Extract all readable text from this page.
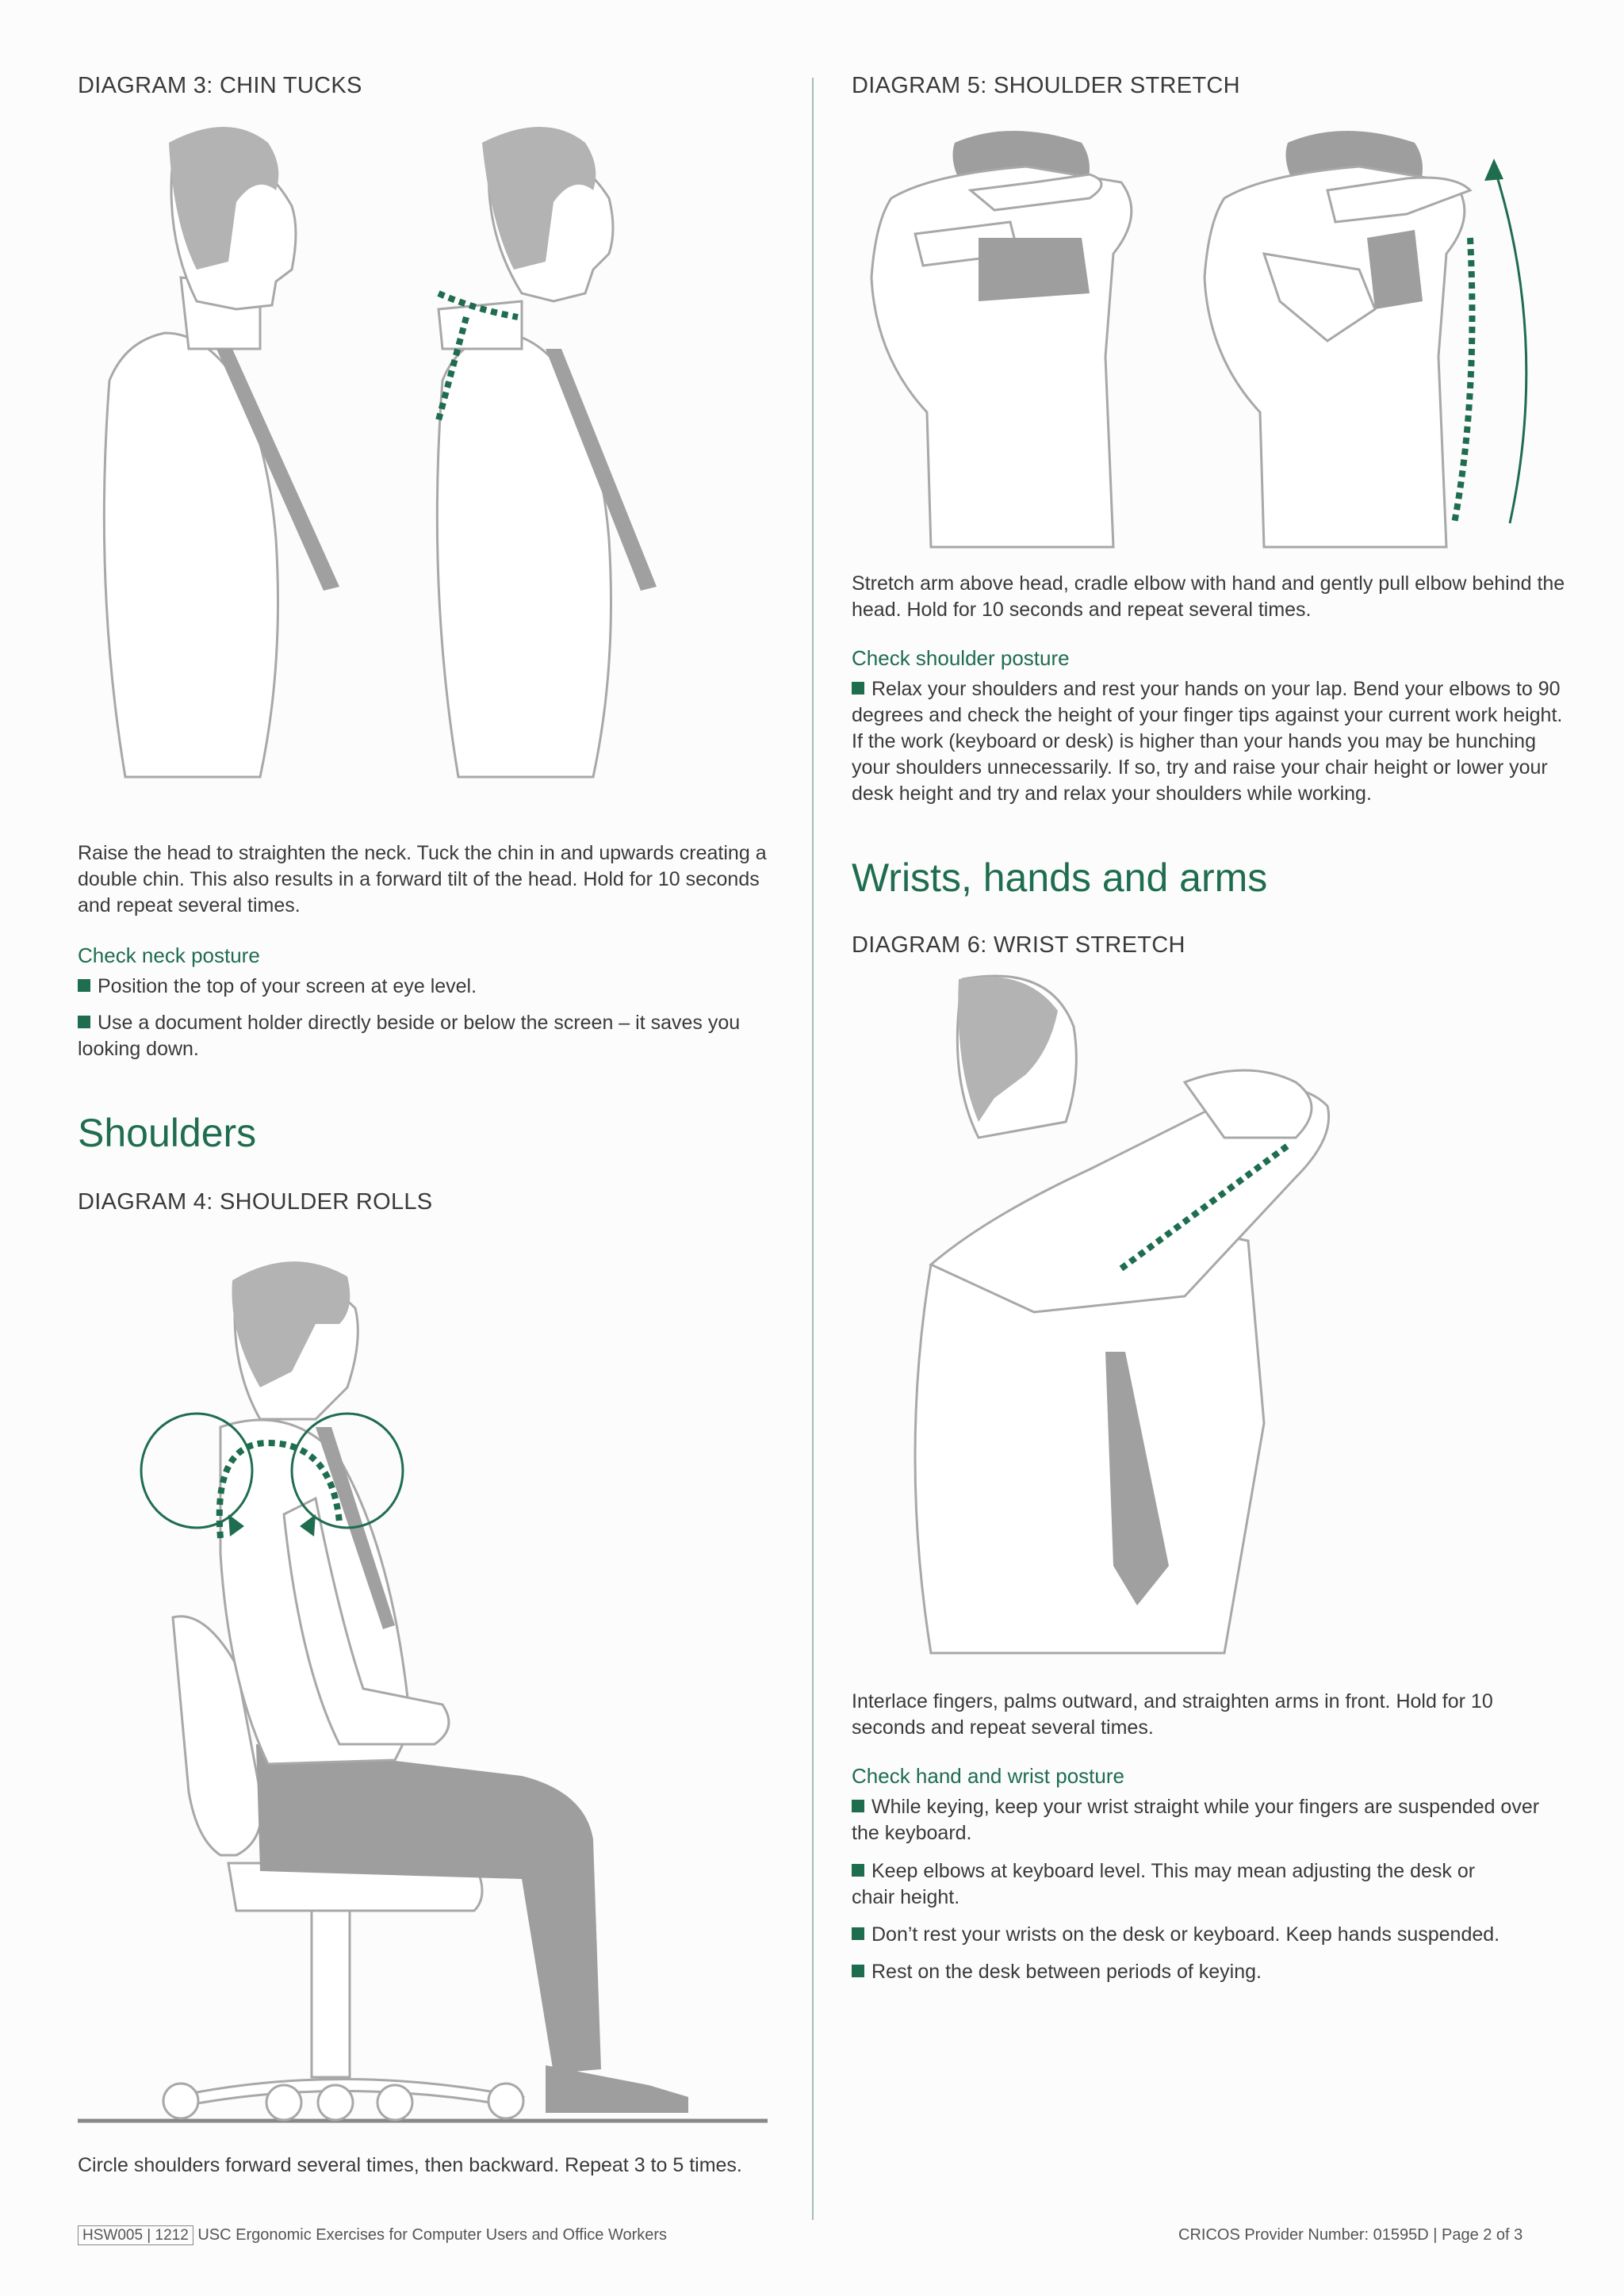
DIAGRAM 3: CHIN TUCKS
Raise the head to straighten the neck. Tuck the chin in and upwards creating a double chin. This also results in a forward tilt of the head. Hold for 10 seconds and repeat several times.
Check neck posture
Position the top of your screen at eye level.
Use a document holder directly beside or below the screen – it saves you looking down.
Shoulders
DIAGRAM 4: SHOULDER ROLLS
Circle shoulders forward several times, then backward. Repeat 3 to 5 times.
DIAGRAM 5: SHOULDER STRETCH
Stretch arm above head, cradle elbow with hand and gently pull elbow behind the head. Hold for 10 seconds and repeat several times.
Check shoulder posture
Relax your shoulders and rest your hands on your lap. Bend your elbows to 90 degrees and check the height of your finger tips against your current work height. If the work (keyboard or desk) is higher than your hands you may be hunching your shoulders unnecessarily. If so, try and raise your chair height or lower your desk height and try and relax your shoulders while working.
Wrists, hands and arms
DIAGRAM 6: WRIST STRETCH
Interlace fingers, palms outward, and straighten arms in front. Hold for 10 seconds and repeat several times.
Check hand and wrist posture
While keying, keep your wrist straight while your fingers are suspended over the keyboard.
Keep elbows at keyboard level. This may mean adjusting the desk or chair height.
Don’t rest your wrists on the desk or keyboard. Keep hands suspended.
Rest on the desk between periods of keying.
HSW005 | 1212 USC Ergonomic Exercises for Computer Users and Office Workers	CRICOS Provider Number: 01595D | Page 2 of 3
